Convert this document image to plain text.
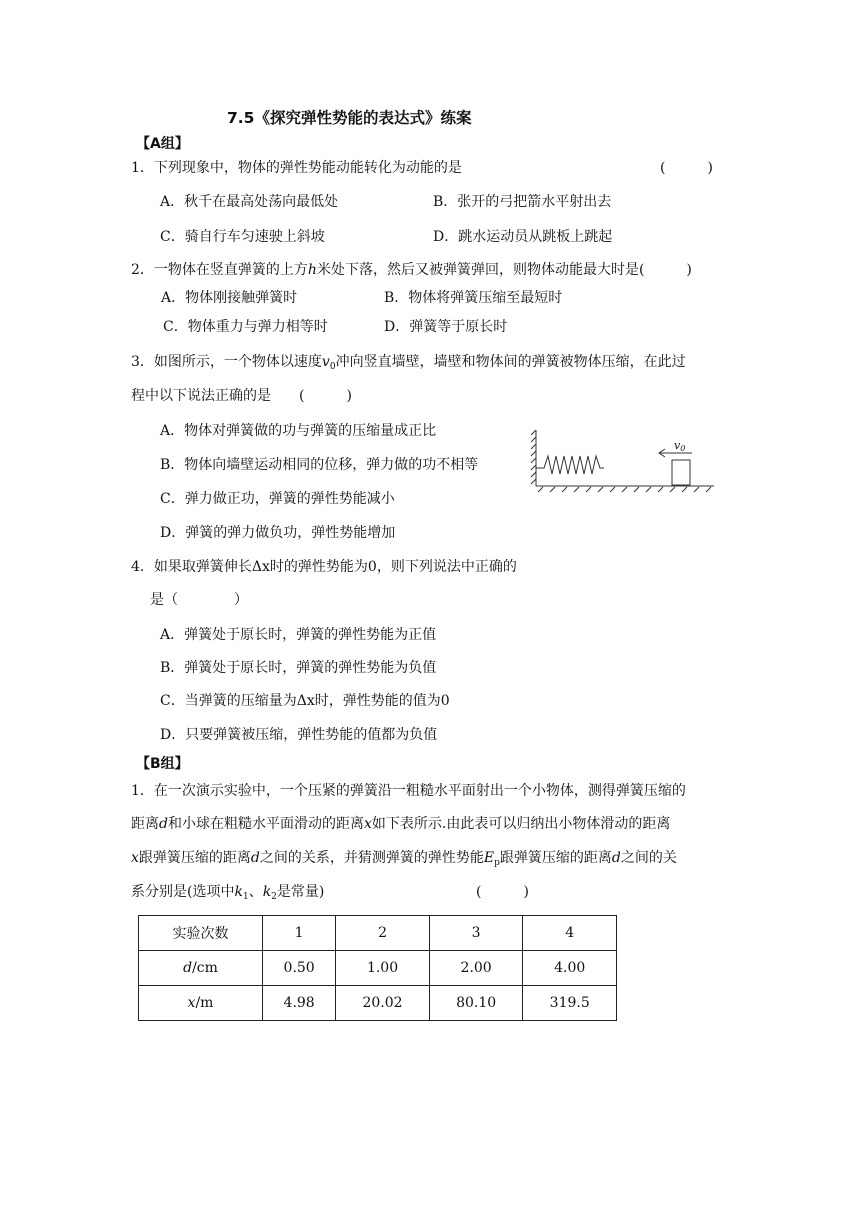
7.5《探究弹性势能的表达式》练案
【A组】
1．下列现象中，物体的弹性势能动能转化为动能的是	(　　　)
A．秋千在最高处荡向最低处	B．张开的弓把箭水平射出去
C．骑自行车匀速驶上斜坡	D．跳水运动员从跳板上跳起
2．一物体在竖直弹簧的上方h米处下落，然后又被弹簧弹回，则物体动能最大时是(　　　)
A．物体刚接触弹簧时	B．物体将弹簧压缩至最短时
C．物体重力与弹力相等时	D．弹簧等于原长时
3．如图所示，一个物体以速度$v_0$冲向竖直墙壁，墙壁和物体间的弹簧被物体压缩，在此过
程中以下说法正确的是　　(　　　)
A．物体对弹簧做的功与弹簧的压缩量成正比
B．物体向墙壁运动相同的位移，弹力做的功不相等
C．弹力做正功，弹簧的弹性势能减小
D．弹簧的弹力做负功，弹性势能增加
v0
4．如果取弹簧伸长Δx时的弹性势能为0，则下列说法中正确的
是（　　　　）
A．弹簧处于原长时，弹簧的弹性势能为正值
B．弹簧处于原长时，弹簧的弹性势能为负值
C．当弹簧的压缩量为Δx时，弹性势能的值为0
D．只要弹簧被压缩，弹性势能的值都为负值
【B组】
1．在一次演示实验中，一个压紧的弹簧沿一粗糙水平面射出一个小物体，测得弹簧压缩的
距离d和小球在粗糙水平面滑动的距离x如下表所示.由此表可以归纳出小物体滑动的距离
x跟弹簧压缩的距离d之间的关系，并猜测弹簧的弹性势能$E_p$跟弹簧压缩的距离d之间的关
系分别是(选项中$k_1$、$k_2$是常量)	(　　　)
实验次数	1	2	3	4
d/cm	0.50	1.00	2.00	4.00
x/m	4.98	20.02	80.10	319.5
